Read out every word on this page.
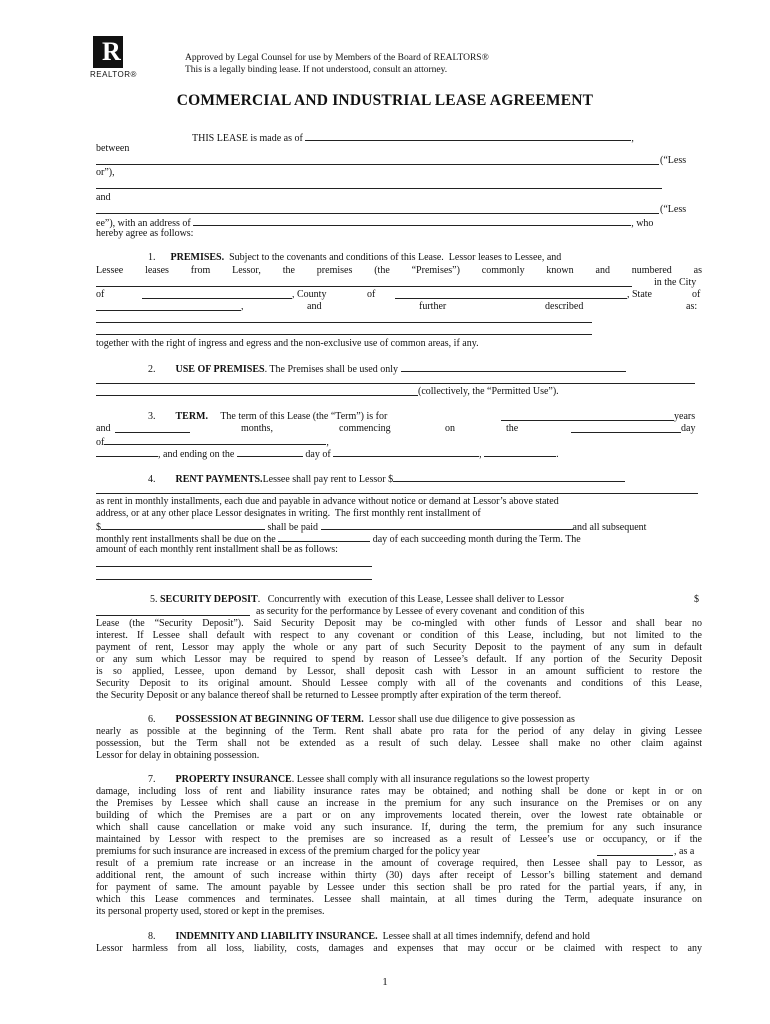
R
REALTOR®
Approved by Legal Counsel for use by Members of the Board of REALTORS®
This is a legally binding lease. If not understood, consult an attorney.
COMMERCIAL AND INDUSTRIAL LEASE AGREEMENT
THIS LEASE is made as of	,
between
(“Less
or”),
and
(“Less
ee”), with an address of	, who
hereby agree as follows:
1. PREMISES. Subject to the covenants and conditions of this Lease.  Lessor leases to Lessee, and
Lessee leases from Lessor, the premises (the “Premises”) commonly known and numbered as
in the City
of	, County	of	, State	of
,	and	further	described	as:
together with the right of ingress and egress and the non-exclusive use of common areas, if any.
2. USE OF PREMISES. The Premises shall be used only
(collectively, the “Permitted Use”).
3. TERM. The term of this Lease (the “Term”) is for	years
and	months,	commencing	on	the	day
of	,
, and ending on the	day of	,	.
4. RENT PAYMENTS.Lessee shall pay rent to Lessor $
as rent in monthly installments, each due and payable in advance without notice or demand at Lessor’s above stated
address, or at any other place Lessor designates in writing.  The first monthly rent installment of
$	shall be paid	and all subsequent
monthly rent installments shall be due on the	day of each succeeding month during the Term. The
amount of each monthly rent installment shall be as follows:
5. SECURITY DEPOSIT.   Concurrently with   execution of this Lease, Lessee shall deliver to Lessor	$
as security for the performance by Lessee of every covenant  and condition of this
Lease (the “Security Deposit”). Said Security Deposit may be co-mingled with other funds of Lessor and shall bear no
interest. If Lessee shall default with respect to any covenant or condition of this Lease, including, but not limited to the
payment of rent, Lessor may apply the whole or any part of such Security Deposit to the payment of any sum in default
or any sum which Lessor may be required to spend by reason of Lessee’s default. If any portion of the Security Deposit
is so applied, Lessee, upon demand by Lessor, shall deposit cash with Lessor in an amount sufficient to restore the
Security Deposit to its original amount. Should Lessee comply with all of the covenants and conditions of this Lease,
the Security Deposit or any balance thereof shall be returned to Lessee promptly after expiration of the term thereof.
6. POSSESSION AT BEGINNING OF TERM. Lessor shall use due diligence to give possession as
nearly as possible at the beginning of the Term. Rent shall abate pro rata for the period of any delay in giving Lessee
possession, but the Term shall not be extended as a result of such delay. Lessee shall make no other claim against
Lessor for delay in obtaining possession.
7. PROPERTY INSURANCE. Lessee shall comply with all insurance regulations so the lowest property
damage, including loss of rent and liability insurance rates may be obtained; and nothing shall be done or kept in or on
the Premises by Lessee which shall cause an increase in the premium for any such insurance on the Premises or on any
building of which the Premises are a part or on any improvements located therein, over the lowest rate obtainable or
which shall cause cancellation or make void any such insurance. If, during the term, the premium for any such insurance
maintained by Lessor with respect to the premises are so increased as a result of Lessee’s use or occupancy, or if the
premiums for such insurance are increased in excess of the premium charged for the policy year	, as a
result of a premium rate increase or an increase in the amount of coverage required, then Lessee shall pay to Lessor, as
additional rent, the amount of such increase within thirty (30) days after receipt of Lessor’s billing statement and demand
for payment of same. The amount payable by Lessee under this section shall be pro rated for the partial years, if any, in
which this Lease commences and terminates. Lessee shall maintain, at all times during the Term, adequate insurance on
its personal property used, stored or kept in the premises.
8. INDEMNITY AND LIABILITY INSURANCE. Lessee shall at all times indemnify, defend and hold
Lessor harmless from all loss, liability, costs, damages and expenses that may occur or be claimed with respect to any
1
